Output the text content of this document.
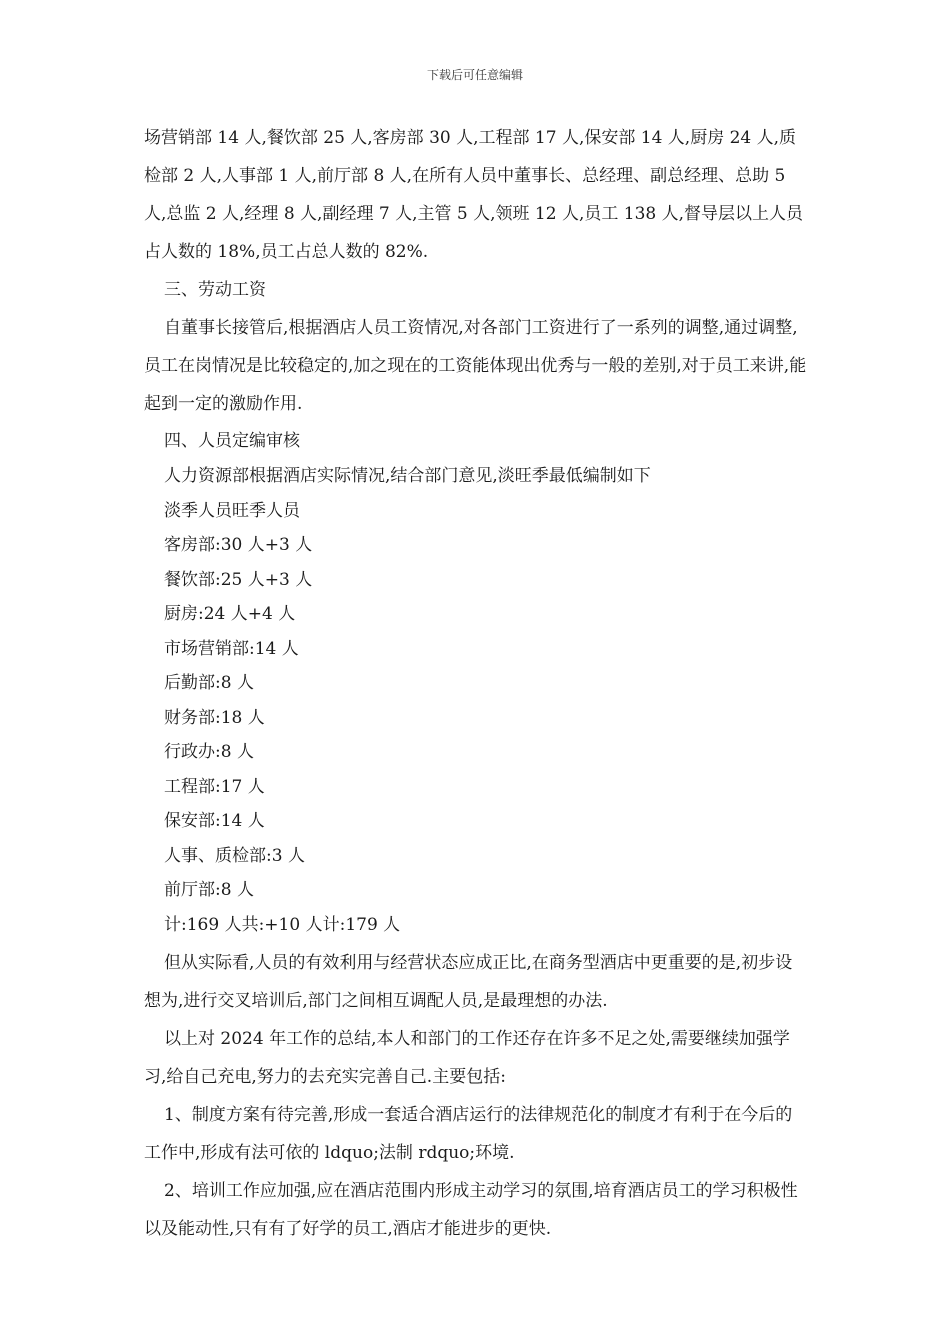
下载后可任意编辑

场营销部 14 人,餐饮部 25 人,客房部 30 人,工程部 17 人,保安部 14 人,厨房 24 人,质检部 2 人,人事部 1 人,前厅部 8 人,在所有人员中董事长、总经理、副总经理、总助 5 人,总监 2 人,经理 8 人,副经理 7 人,主管 5 人,领班 12 人,员工 138 人,督导层以上人员占人数的 18%,员工占总人数的 82%.

三、劳动工资

自董事长接管后,根据酒店人员工资情况,对各部门工资进行了一系列的调整,通过调整,员工在岗情况是比较稳定的,加之现在的工资能体现出优秀与一般的差别,对于员工来讲,能起到一定的激励作用.

四、人员定编审核

人力资源部根据酒店实际情况,结合部门意见,淡旺季最低编制如下

淡季人员旺季人员

客房部:30 人+3 人

餐饮部:25 人+3 人

厨房:24 人+4 人

市场营销部:14 人

后勤部:8 人

财务部:18 人

行政办:8 人

工程部:17 人

保安部:14 人

人事、质检部:3 人

前厅部:8 人

计:169 人共:+10 人计:179 人

但从实际看,人员的有效利用与经营状态应成正比,在商务型酒店中更重要的是,初步设想为,进行交叉培训后,部门之间相互调配人员,是最理想的办法.

以上对 2024 年工作的总结,本人和部门的工作还存在许多不足之处,需要继续加强学习,给自己充电,努力的去充实完善自己.主要包括:

1、制度方案有待完善,形成一套适合酒店运行的法律规范化的制度才有利于在今后的工作中,形成有法可依的 ldquo;法制 rdquo;环境.

2、培训工作应加强,应在酒店范围内形成主动学习的氛围,培育酒店员工的学习积极性以及能动性,只有有了好学的员工,酒店才能进步的更快.
